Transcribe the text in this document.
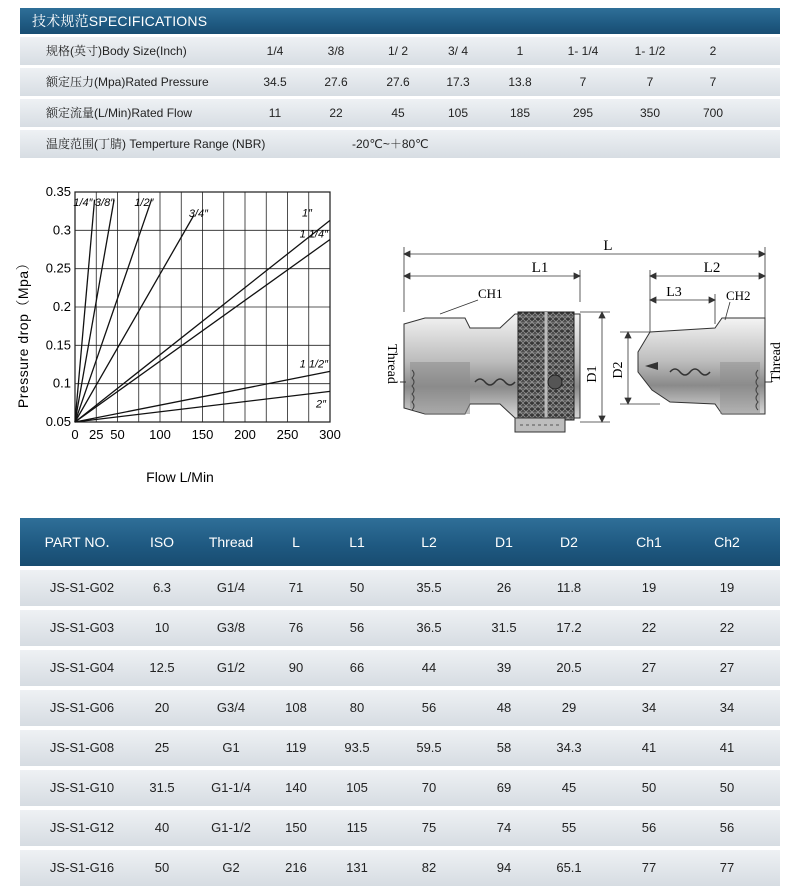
技术规范SPECIFICATIONS
规格(英寸)Body Size(Inch)	1/4	3/8	1/ 2	3/ 4	1	1- 1/4	1- 1/2	2
额定压力(Mpa)Rated Pressure	34.5	27.6	27.6	17.3	13.8	7	7	7
额定流量(L/Min)Rated Flow	11	22	45	105	185	295	350	700
温度范围(丁腈) Temperture Range (NBR)	-20℃~＋80℃
1/4″ 3/8″ 1/2″
3/4″	1″
1 1/4″
1 1/2″
2″
0 25 50 100 150 200 250 300
0.05
0.1
0.15
0.2
0.25
0.3
0.35
Pressure drop（Mpa）
Flow L/Min
L
L1	L2
L3
D1 D2
CH1	CH2
Thread	Thread
PART NO．	ISO	Thread	L	L1	L2	D1	D2	Ch1	Ch2
JS-S1-G02	6.3	G1/4	71	50	35.5	26	11.8	19	19
JS-S1-G03	10	G3/8	76	56	36.5	31.5	17.2	22	22
JS-S1-G04	12.5	G1/2	90	66	44	39	20.5	27	27
JS-S1-G06	20	G3/4	108	80	56	48	29	34	34
JS-S1-G08	25	G1	119	93.5	59.5	58	34.3	41	41
JS-S1-G10	31.5	G1-1/4	140	105	70	69	45	50	50
JS-S1-G12	40	G1-1/2	150	115	75	74	55	56	56
JS-S1-G16	50	G2	216	131	82	94	65.1	77	77
